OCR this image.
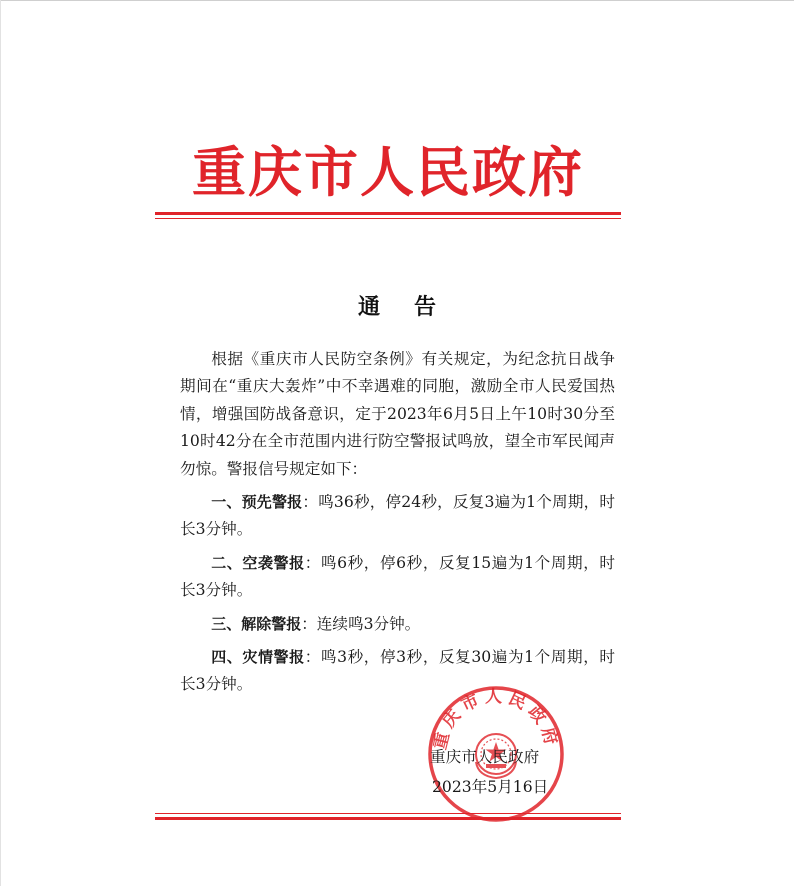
重庆市人民政府
通告

根据《重庆市人民防空条例》有关规定，为纪念抗日战争期间在“重庆大轰炸”中不幸遇难的同胞，激励全市人民爱国热情，增强国防战备意识，定于2023年6月5日上午10时30分至10时42分在全市范围内进行防空警报试鸣放，望全市军民闻声勿惊。警报信号规定如下：

一、预先警报：鸣36秒，停24秒，反复3遍为1个周期，时长3分钟。

二、空袭警报：鸣6秒，停6秒，反复15遍为1个周期，时长3分钟。

三、解除警报：连续鸣3分钟。

四、灾情警报：鸣3秒，停3秒，反复30遍为1个周期，时长3分钟。

重庆市人民政府
重庆市人民政府
2023年5月16日
